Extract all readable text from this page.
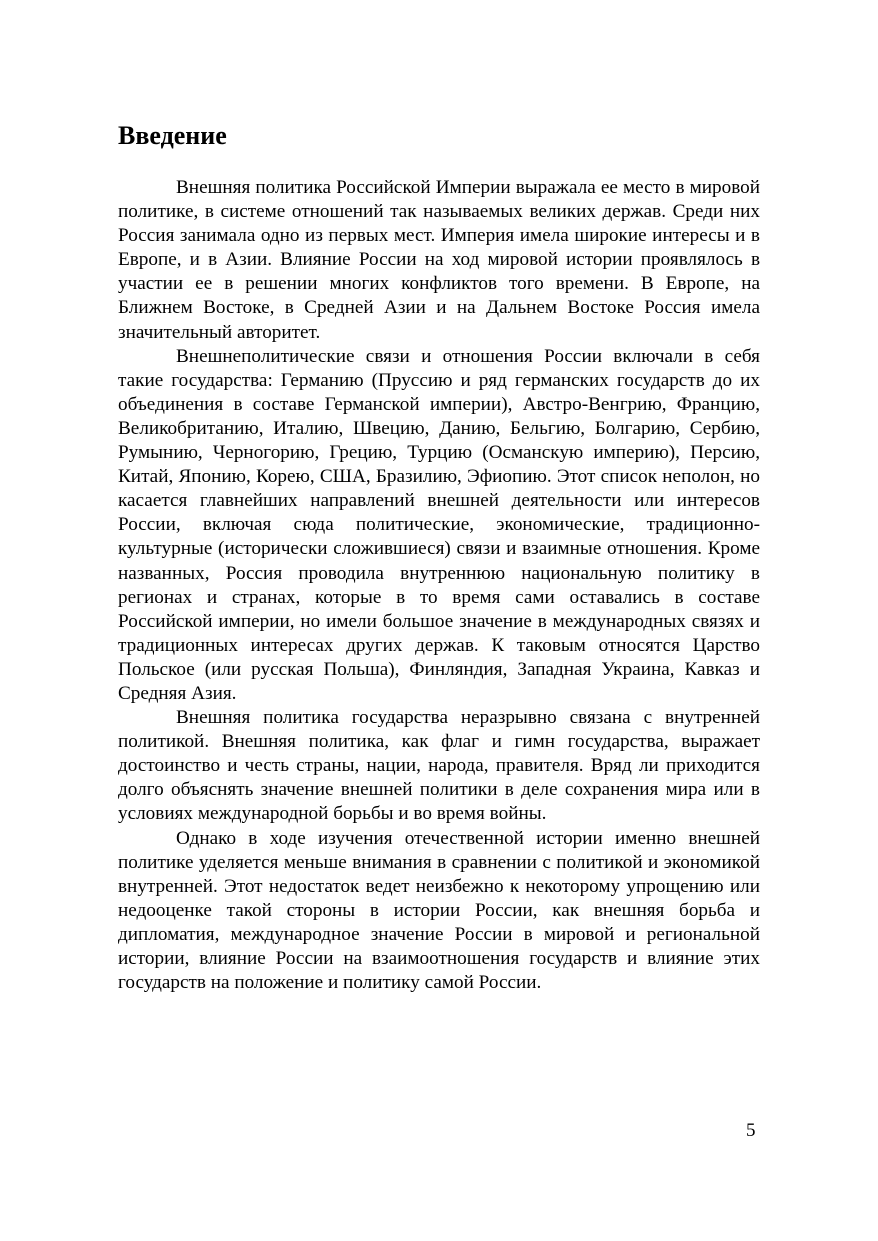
Введение

Внешняя политика Российской Империи выражала ее место в мировой политике, в системе отношений так называемых великих держав. Среди них Россия занимала одно из первых мест. Империя имела широкие интересы и в Европе, и в Азии. Влияние России на ход мировой истории проявлялось в участии ее в решении многих конфликтов того времени. В Европе, на Ближнем Востоке, в Средней Азии и на Дальнем Востоке Россия имела значительный авторитет.

Внешнеполитические связи и отношения России включали в себя такие государства: Германию (Пруссию и ряд германских государств до их объединения в составе Германской империи), Австро-Венгрию, Францию, Великобританию, Италию, Швецию, Данию, Бельгию, Болгарию, Сербию, Румынию, Черногорию, Грецию, Турцию (Османскую империю), Персию, Китай, Японию, Корею, США, Бразилию, Эфиопию. Этот список неполон, но касается главнейших направлений внешней деятельности или интересов России, включая сюда политические, экономические, традиционно-культурные (исторически сложившиеся) связи и взаимные отношения. Кроме названных, Россия проводила внутреннюю национальную политику в регионах и странах, которые в то время сами оставались в составе Российской империи, но имели большое значение в международных связях и традиционных интересах других держав. К таковым относятся Царство Польское (или русская Польша), Финляндия, Западная Украина, Кавказ и Средняя Азия.

Внешняя политика государства неразрывно связана с внутренней политикой. Внешняя политика, как флаг и гимн государства, выражает достоинство и честь страны, нации, народа, правителя. Вряд ли приходится долго объяснять значение внешней политики в деле сохранения мира или в условиях международной борьбы и во время войны.

Однако в ходе изучения отечественной истории именно внешней политике уделяется меньше внимания в сравнении с политикой и экономикой внутренней. Этот недостаток ведет неизбежно к некоторому упрощению или недооценке такой стороны в истории России, как внешняя борьба и дипломатия, международное значение России в мировой и региональной истории, влияние России на взаимоотношения государств и влияние этих государств на положение и политику самой России.

5
